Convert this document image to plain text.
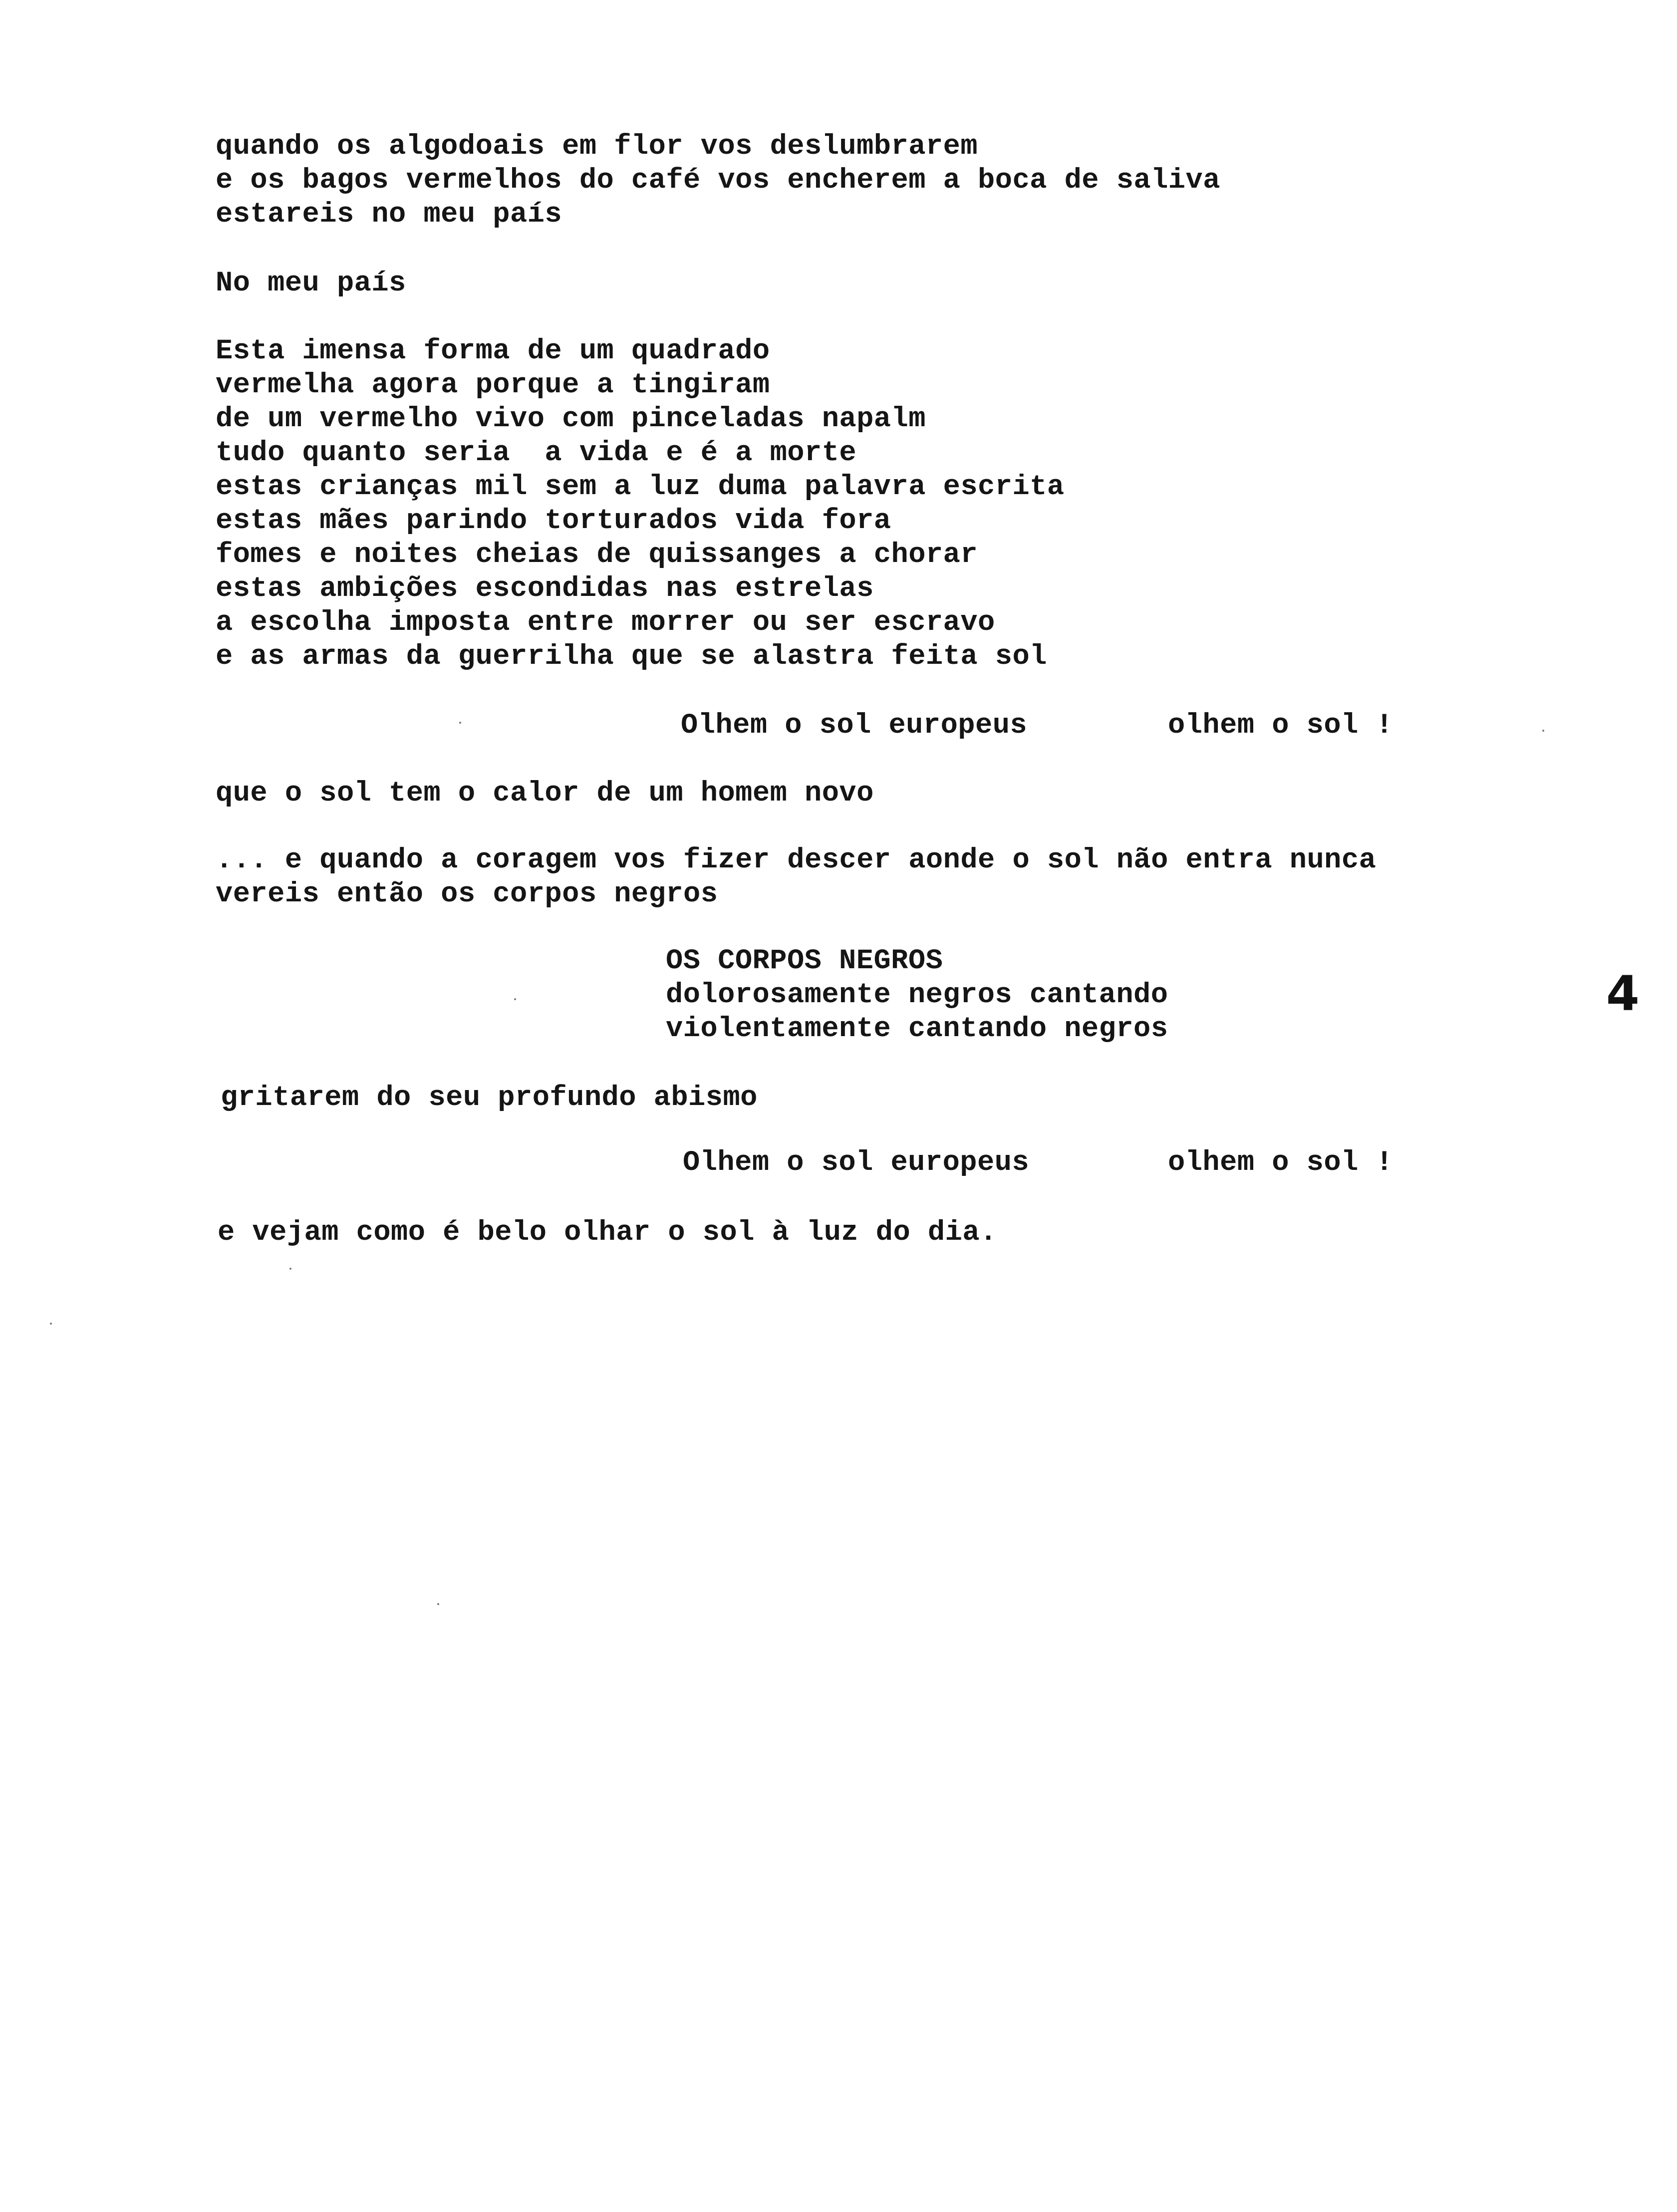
quando os algodoais em flor vos deslumbrarem
e os bagos vermelhos do café vos encherem a boca de saliva
estareis no meu país
No meu país
Esta imensa forma de um quadrado
vermelha agora porque a tingiram
de um vermelho vivo com pinceladas napalm
tudo quanto seria  a vida e é a morte
estas crianças mil sem a luz duma palavra escrita
estas mães parindo torturados vida fora
fomes e noites cheias de quissanges a chorar
estas ambições escondidas nas estrelas
a escolha imposta entre morrer ou ser escravo
e as armas da guerrilha que se alastra feita sol
Olhem o sol europeus	olhem o sol !
que o sol tem o calor de um homem novo
... e quando a coragem vos fizer descer aonde o sol não entra nunca
vereis então os corpos negros
OS CORPOS NEGROS
dolorosamente negros cantando
violentamente cantando negros
gritarem do seu profundo abismo
Olhem o sol europeus	olhem o sol !
e vejam como é belo olhar o sol à luz do dia.
4
